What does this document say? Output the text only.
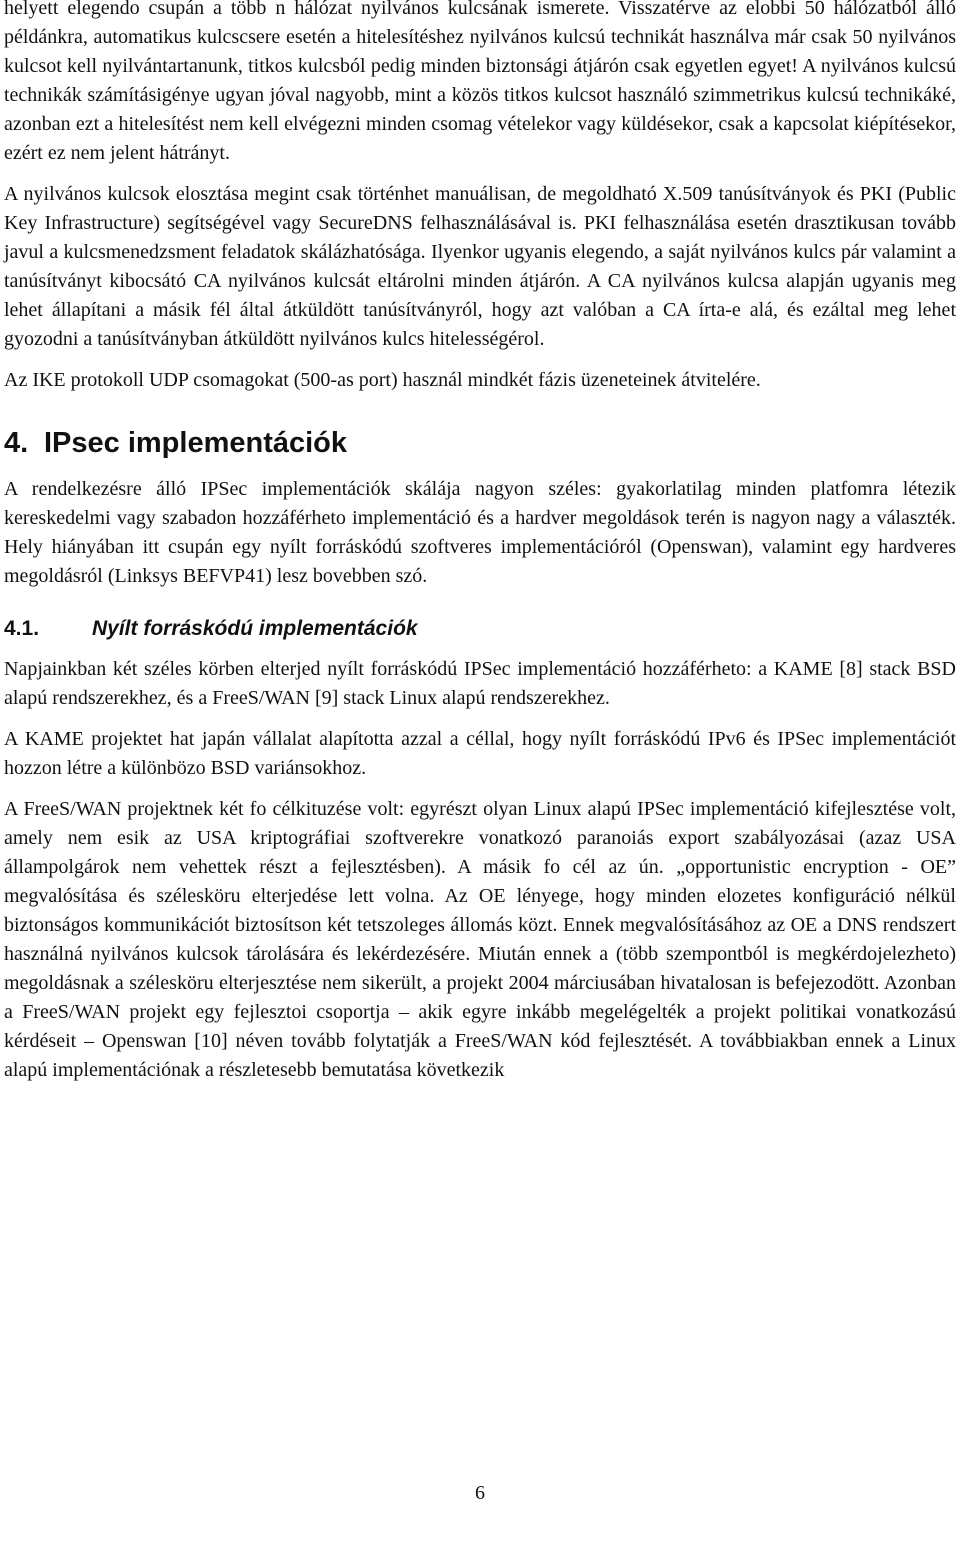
helyett elegendo csupán a több n hálózat nyilvános kulcsának ismerete. Visszatérve az elobbi 50 hálózatból álló példánkra, automatikus kulcscsere esetén a hitelesítéshez nyilvános kulcsú technikát használva már csak 50 nyilvános kulcsot kell nyilvántartanunk, titkos kulcsból pedig minden biztonsági átjárón csak egyetlen egyet! A nyilvános kulcsú technikák számításigénye ugyan jóval nagyobb, mint a közös titkos kulcsot használó szimmetrikus kulcsú technikáké, azonban ezt a hitelesítést nem kell elvégezni minden csomag vételekor vagy küldésekor, csak a kapcsolat kiépítésekor, ezért ez nem jelent hátrányt.

A nyilvános kulcsok elosztása megint csak történhet manuálisan, de megoldható X.509 tanúsítványok és PKI (Public Key Infrastructure) segítségével vagy SecureDNS felhasználásával is. PKI felhasználása esetén drasztikusan tovább javul a kulcsmenedzsment feladatok skálázhatósága. Ilyenkor ugyanis elegendo, a saját nyilvános kulcs pár valamint a tanúsítványt kibocsátó CA nyilvános kulcsát eltárolni minden átjárón. A CA nyilvános kulcsa alapján ugyanis meg lehet állapítani a másik fél által átküldött tanúsítványról, hogy azt valóban a CA írta-e alá, és ezáltal meg lehet gyozodni a tanúsítványban átküldött nyilvános kulcs hitelességérol.

Az IKE protokoll UDP csomagokat (500-as port) használ mindkét fázis üzeneteinek átvitelére.

4. IPsec implementációk

A rendelkezésre álló IPSec implementációk skálája nagyon széles: gyakorlatilag minden platfomra létezik kereskedelmi vagy szabadon hozzáférheto implementáció és a hardver megoldások terén is nagyon nagy a választék. Hely hiányában itt csupán egy nyílt forráskódú szoftveres implementációról (Openswan), valamint egy hardveres megoldásról (Linksys BEFVP41) lesz bovebben szó.

4.1.	Nyílt forráskódú implementációk

Napjainkban két széles körben elterjed nyílt forráskódú IPSec implementáció hozzáférheto: a KAME [8] stack BSD alapú rendszerekhez, és a FreeS/WAN [9] stack Linux alapú rendszerekhez.

A KAME projektet hat japán vállalat alapította azzal a céllal, hogy nyílt forráskódú IPv6 és IPSec implementációt hozzon létre a különbözo BSD variánsokhoz.

A FreeS/WAN projektnek két fo célkituzése volt: egyrészt olyan Linux alapú IPSec implementáció kifejlesztése volt, amely nem esik az USA kriptográfiai szoftverekre vonatkozó paranoiás export szabályozásai (azaz USA állampolgárok nem vehettek részt a fejlesztésben). A másik fo cél az ún. „opportunistic encryption - OE” megvalósítása és szélesköru elterjedése lett volna. Az OE lényege, hogy minden elozetes konfiguráció nélkül biztonságos kommunikációt biztosítson két tetszoleges állomás közt. Ennek megvalósításához az OE a DNS rendszert használná nyilvános kulcsok tárolására és lekérdezésére. Miután ennek a (több szempontból is megkérdojelezheto) megoldásnak a szélesköru elterjesztése nem sikerült, a projekt 2004 márciusában hivatalosan is befejezodött. Azonban a FreeS/WAN projekt egy fejlesztoi csoportja – akik egyre inkább megelégelték a projekt politikai vonatkozású kérdéseit – Openswan [10] néven tovább folytatják a FreeS/WAN kód fejlesztését. A továbbiakban ennek a Linux alapú implementációnak a részletesebb bemutatása következik

6
